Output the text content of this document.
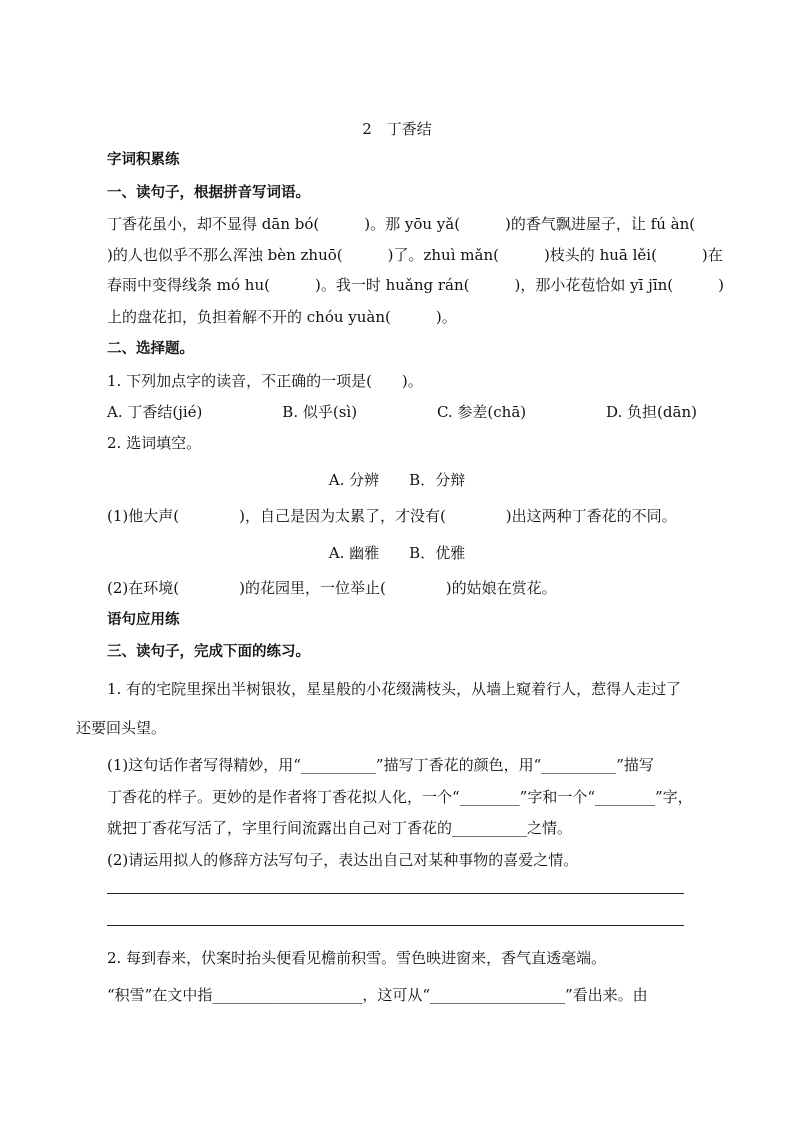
2　丁香结
字词积累练
一、读句子，根据拼音写词语。
丁香花虽小，却不显得 dān bó(　　　)。那 yōu yǎ(　　　)的香气飘进屋子，让 fú àn(
)的人也似乎不那么浑浊 bèn zhuō(　　　)了。zhuì mǎn(　　　)枝头的 huā lěi(　　　)在
春雨中变得线条 mó hu(　　　)。我一时 huǎng rán(　　　)，那小花苞恰如 yī jīn(　　　)
上的盘花扣，负担着解不开的 chóu yuàn(　　　)。
二、选择题。
1. 下列加点字的读音，不正确的一项是(　　)。
A. 丁香结(jié)	B. 似乎(sì)	C. 参差(chā)	D. 负担(dān)
2. 选词填空。
A. 分辨　　B．分辩
(1)他大声(　　　　)，自己是因为太累了，才没有(　　　　)出这两种丁香花的不同。
A. 幽雅　　B．优雅
(2)在环境(　　　　)的花园里，一位举止(　　　　)的姑娘在赏花。
语句应用练
三、读句子，完成下面的练习。
1. 有的宅院里探出半树银妆，星星般的小花缀满枝头，从墙上窥着行人，惹得人走过了
还要回头望。
(1)这句话作者写得精妙，用“__________”描写丁香花的颜色，用“__________”描写
丁香花的样子。更妙的是作者将丁香花拟人化，一个“________”字和一个“________”字，
就把丁香花写活了，字里行间流露出自己对丁香花的__________之情。
(2)请运用拟人的修辞方法写句子，表达出自己对某种事物的喜爱之情。
2. 每到春来，伏案时抬头便看见檐前积雪。雪色映进窗来，香气直透毫端。
“积雪”在文中指____________________，这可从“__________________”看出来。由
